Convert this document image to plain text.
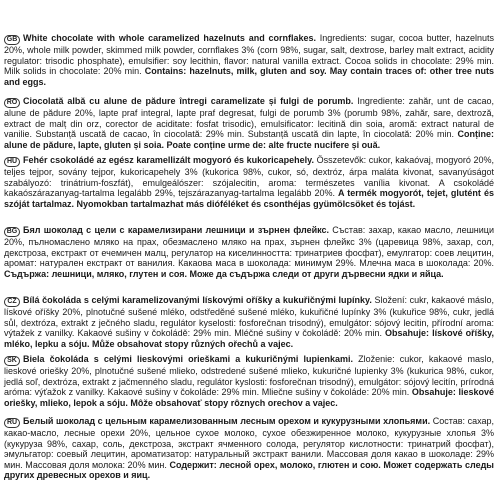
GB White chocolate with whole caramelized hazelnuts and cornflakes. Ingredients: sugar, cocoa butter, hazelnuts 20%, whole milk powder, skimmed milk powder, cornflakes 3% (corn 98%, sugar, salt, dextrose, barley malt extract, acidity regulator: trisodic phosphate), emulsifier: soy lecithin, flavor: natural vanilla extract. Cocoa solids in chocolate: 29% min. Milk solids in chocolate: 20% min. Contains: hazelnuts, milk, gluten and soy. May contain traces of: other tree nuts and eggs.
RO Ciocolată albă cu alune de pădure întregi caramelizate și fulgi de porumb. Ingrediente: zahăr, unt de cacao, alune de pădure 20%, lapte praf integral, lapte praf degresat, fulgi de porumb 3% (porumb 98%, zahăr, sare, dextroză, extract de malț din orz, corector de aciditate: fosfat trisodic), emulsificator: lecitină din soia, aromă: extract natural de vanilie. Substanță uscată de cacao, în ciocolată: 29% min. Substanță uscată din lapte, în ciocolată: 20% min. Conține: alune de pădure, lapte, gluten și soia. Poate conține urme de: alte fructe nucifere și ouă.
HU Fehér csokoládé az egész karamellizált mogyoró és kukoricapehely. Összetevők: cukor, kakaóvaj, mogyoró 20%, teljes tejpor, sovány tejpor, kukoricapehely 3% (kukorica 98%, cukor, só, dextróz, árpa maláta kivonat, savanyúságot szabályozó: trinátrium-foszfát), emulgeálószer: szójalecitin, aroma: természetes vanília kivonat. A csokoládé kakaószárazanyag-tartalma legalább 29%, tejszárazanyag-tartalma legalább 20%. A termék mogyorót, tejet, glutént és szóját tartalmaz. Nyomokban tartalmazhat más dióféléket és csonthéjas gyümölcsöket és tojást.
BG Бял шоколад с цели с карамелизирани лешници и зърнен флейкс. Състав: захар, какао масло, лешници 20%, пълномаслено мляко на прах, обезмаслено мляко на прах, зърнен флейкс 3% (царевица 98%, захар, сол, декстроза, екстракт от ечемичен малц, регулатор на киселинността: тринатриев фосфат), емулгатор: соев лецитин, аромат: натурален екстракт от ванилия. Какаова маса в шоколада: минимум 29%. Млечна маса в шоколада: 20%. Съдържа: лешници, мляко, глутен и соя. Може да съдържа следи от други дървесни ядки и яйца.
CZ Bílá čokoláda s celými karamelizovanými lískovými oříšky a kukuřičnými lupínky. Složení: cukr, kakaové máslo, lískové oříšky 20%, plnotučné sušené mléko, odstředěné sušené mléko, kukuřičné lupínky 3% (kukuřice 98%, cukr, jedlá sůl, dextróza, extrakt z ječného sladu, regulátor kyselosti: fosforečnan trisodný), emulgátor: sójový lecitin, přírodní aroma: výtažek z vanilky. Kakaové sušiny v čokoládě: 29% min. Mléčné sušiny v čokoládě: 20% min. Obsahuje: lískové oříšky, mléko, lepku a sóju. Může obsahovat stopy různých ořechů a vajec.
SK Biela čokoláda s celými lieskovými orieškami a kukuričnými lupienkami. Zloženie: cukor, kakaové maslo, lieskové oriešky 20%, plnotučné sušené mlieko, odstredené sušené mlieko, kukuričné lupienky 3% (kukurica 98%, cukor, jedlá soľ, dextróza, extrakt z jačmenného sladu, regulátor kyslosti: fosforečnan trisodný), emulgátor: sójový lecitín, prírodná aróma: výťažok z vanilky. Kakaové sušiny v čokoláde: 29% min. Mliečne sušiny v čokoláde: 20% min. Obsahuje: lieskové oriešky, mlieko, lepok a sóju. Môže obsahovať stopy rôznych orechov a vajec.
RU Белый шоколад с цельным карамелизованным лесным орехом и кукурузными хлопьями. Состав: сахар, какао-масло, лесные орехи 20%, цельное сухое молоко, сухое обезжиренное молоко, кукурузные хлопья 3% (кукуруза 98%, сахар, соль, декстроза, экстракт ячменного солода, регулятор кислотности: тринатрий фосфат), эмульгатор: соевый лецитин, ароматизатор: натуральный экстракт ванили. Массовая доля какао в шоколаде: 29% мин. Массовая доля молока: 20% мин. Содержит: лесной орех, молоко, глютен и сою. Может содержать следы других древесных орехов и яиц.
